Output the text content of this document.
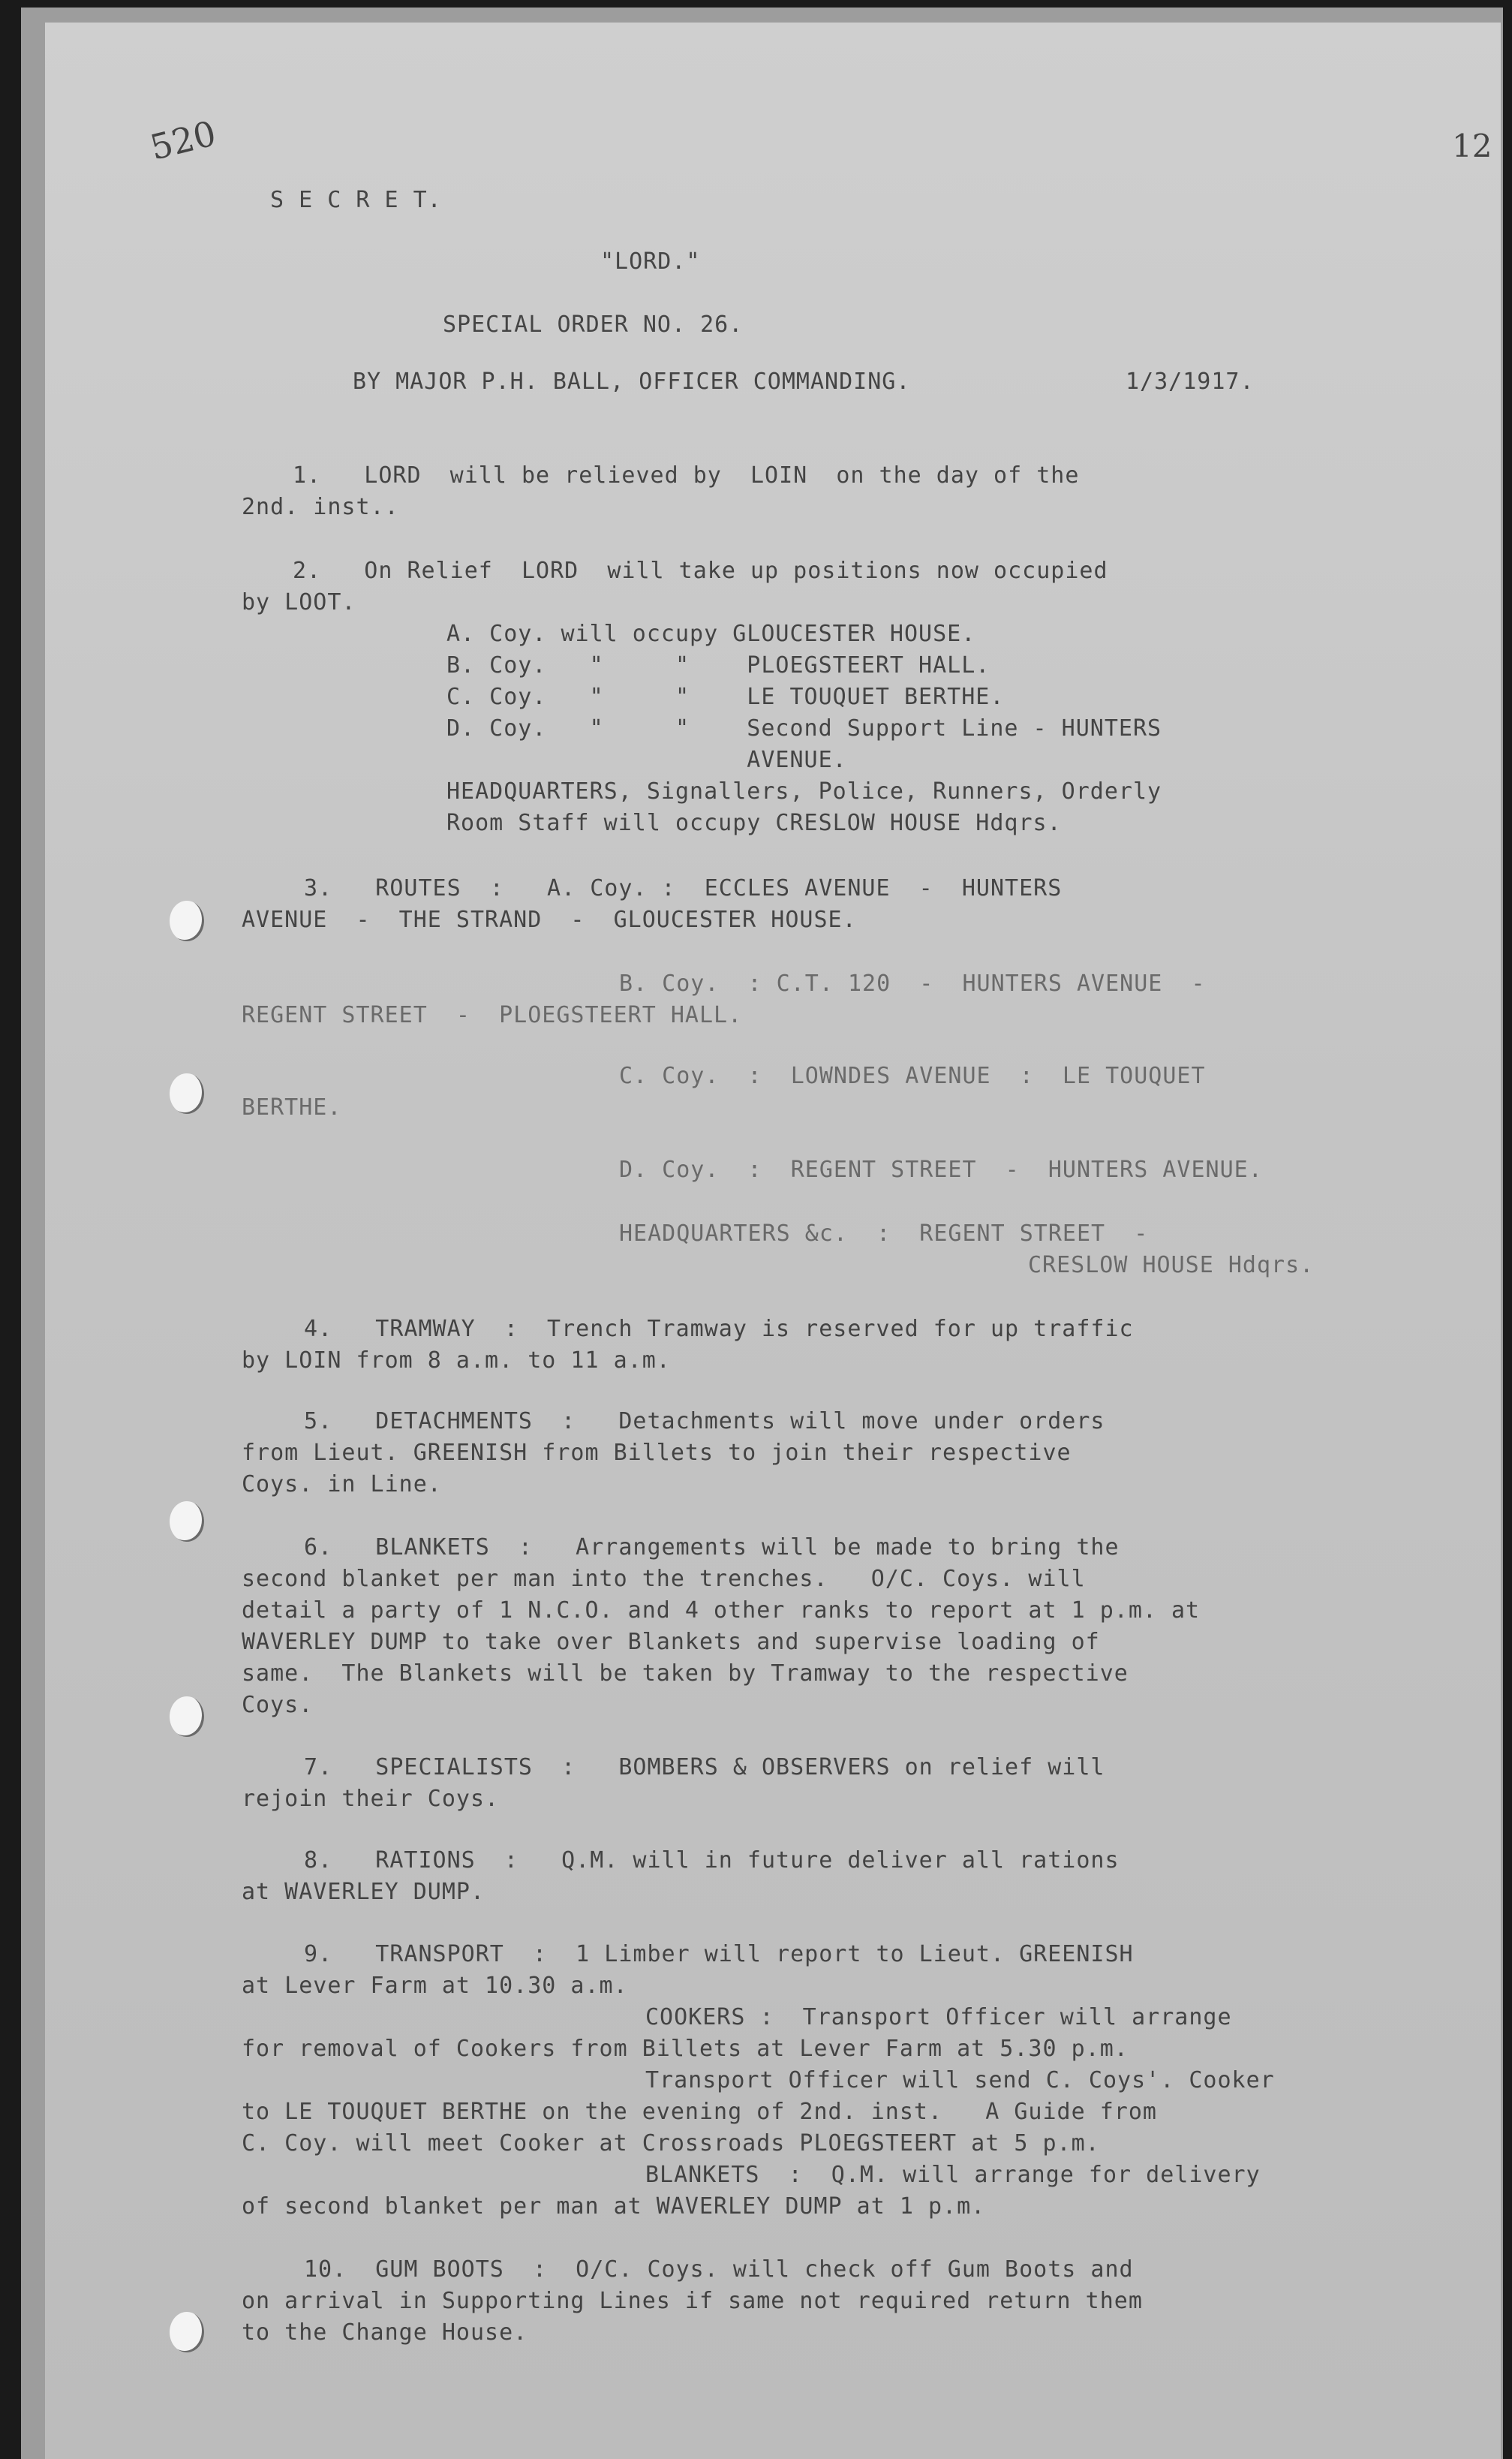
520	12
S E C R E T.
"LORD."
SPECIAL ORDER NO. 26.
BY MAJOR P.H. BALL, OFFICER COMMANDING.	1/3/1917.
1.   LORD  will be relieved by  LOIN  on the day of the
2nd. inst..
2.   On Relief  LORD  will take up positions now occupied
by LOOT.
A. Coy. will occupy GLOUCESTER HOUSE.
B. Coy.   "     "    PLOEGSTEERT HALL.
C. Coy.   "     "    LE TOUQUET BERTHE.
D. Coy.   "     "    Second Support Line - HUNTERS
AVENUE.
HEADQUARTERS, Signallers, Police, Runners, Orderly
Room Staff will occupy CRESLOW HOUSE Hdqrs.
3.   ROUTES  :   A. Coy. :  ECCLES AVENUE  -  HUNTERS
AVENUE  -  THE STRAND  -  GLOUCESTER HOUSE.
B. Coy.  : C.T. 120  -  HUNTERS AVENUE  -
REGENT STREET  -  PLOEGSTEERT HALL.
C. Coy.  :  LOWNDES AVENUE  :  LE TOUQUET
BERTHE.
D. Coy.  :  REGENT STREET  -  HUNTERS AVENUE.
HEADQUARTERS &c.  :  REGENT STREET  -
CRESLOW HOUSE Hdqrs.
4.   TRAMWAY  :  Trench Tramway is reserved for up traffic
by LOIN from 8 a.m. to 11 a.m.
5.   DETACHMENTS  :   Detachments will move under orders
from Lieut. GREENISH from Billets to join their respective
Coys. in Line.
6.   BLANKETS  :   Arrangements will be made to bring the
second blanket per man into the trenches.   O/C. Coys. will
detail a party of 1 N.C.O. and 4 other ranks to report at 1 p.m. at
WAVERLEY DUMP to take over Blankets and supervise loading of
same.  The Blankets will be taken by Tramway to the respective
Coys.
7.   SPECIALISTS  :   BOMBERS & OBSERVERS on relief will
rejoin their Coys.
8.   RATIONS  :   Q.M. will in future deliver all rations
at WAVERLEY DUMP.
9.   TRANSPORT  :  1 Limber will report to Lieut. GREENISH
at Lever Farm at 10.30 a.m.
COOKERS :  Transport Officer will arrange
for removal of Cookers from Billets at Lever Farm at 5.30 p.m.
Transport Officer will send C. Coys'. Cooker
to LE TOUQUET BERTHE on the evening of 2nd. inst.   A Guide from
C. Coy. will meet Cooker at Crossroads PLOEGSTEERT at 5 p.m.
BLANKETS  :  Q.M. will arrange for delivery
of second blanket per man at WAVERLEY DUMP at 1 p.m.
10.  GUM BOOTS  :  O/C. Coys. will check off Gum Boots and
on arrival in Supporting Lines if same not required return them
to the Change House.
